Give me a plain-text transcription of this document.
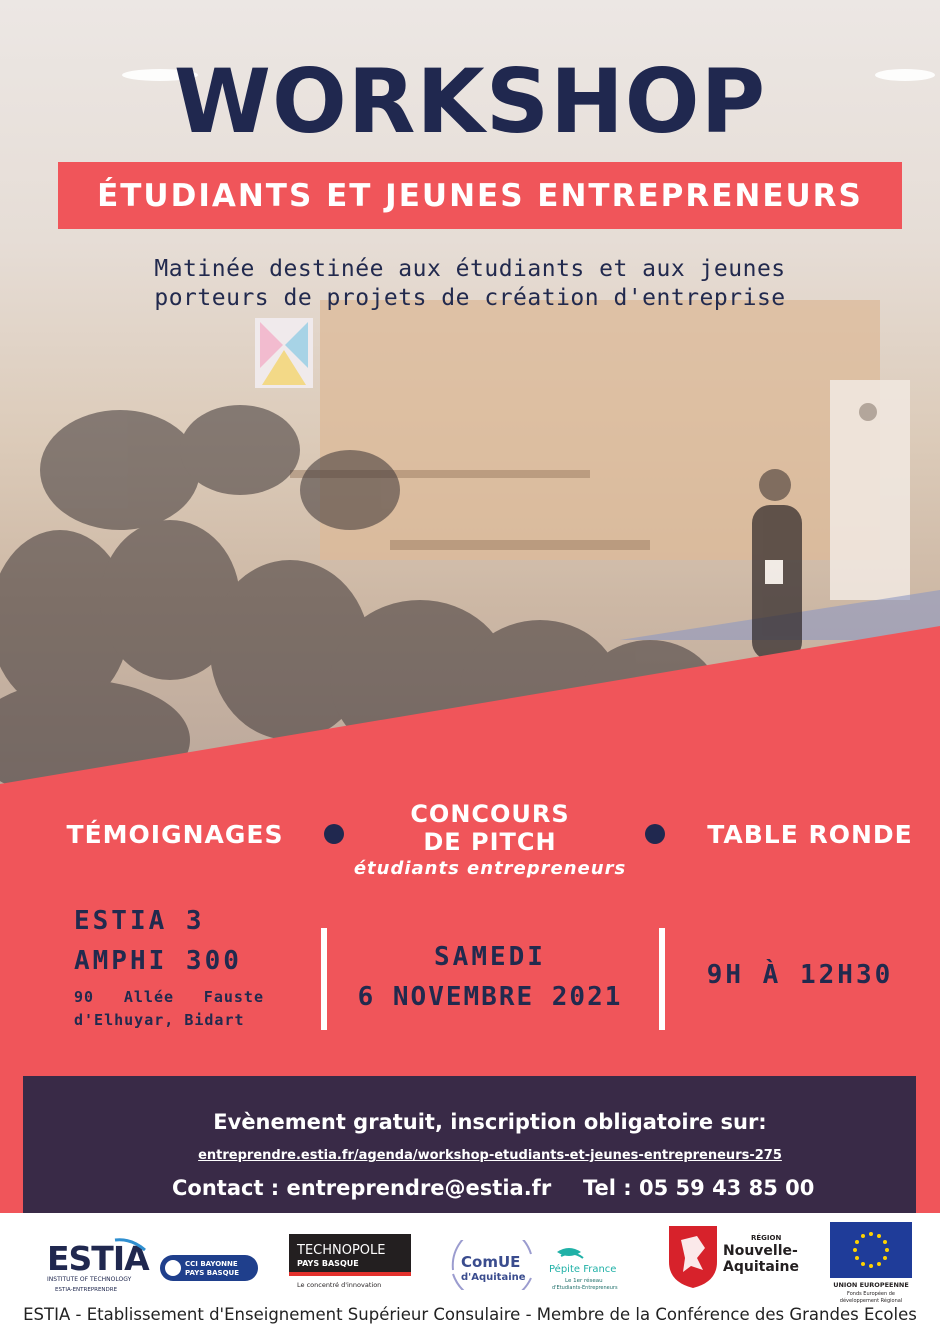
WORKSHOP
ÉTUDIANTS ET JEUNES ENTREPRENEURS
Matinée destinée aux étudiants et aux jeunes
porteurs de projets de création d'entreprise
TÉMOIGNAGES
CONCOURS
DE PITCH
étudiants entrepreneurs
TABLE RONDE
ESTIA 3
AMPHI 300
90 Allée Fauste d'Elhuyar, Bidart
SAMEDI
6 NOVEMBRE 2021
9H À 12H30
Evènement gratuit, inscription obligatoire sur:
entreprendre.estia.fr/agenda/workshop-etudiants-et-jeunes-entrepreneurs-275
Contact : entreprendre@estia.fr Tel : 05 59 43 85 00
ESTIA
INSTITUTE OF TECHNOLOGY
ESTIA-ENTREPRENDRE
CCI BAYONNE
PAYS BASQUE
TECHNOPOLE
PAYS BASQUE
Le concentré d'innovation
ComUE
d'Aquitaine
Pépite France
Le 1er réseau
d'Etudiants-Entrepreneurs
RÉGION
Nouvelle-
Aquitaine
UNION EUROPEENNE
Fonds Européen de
développement Régional
ESTIA - Etablissement d'Enseignement Supérieur Consulaire - Membre de la Conférence des Grandes Ecoles
